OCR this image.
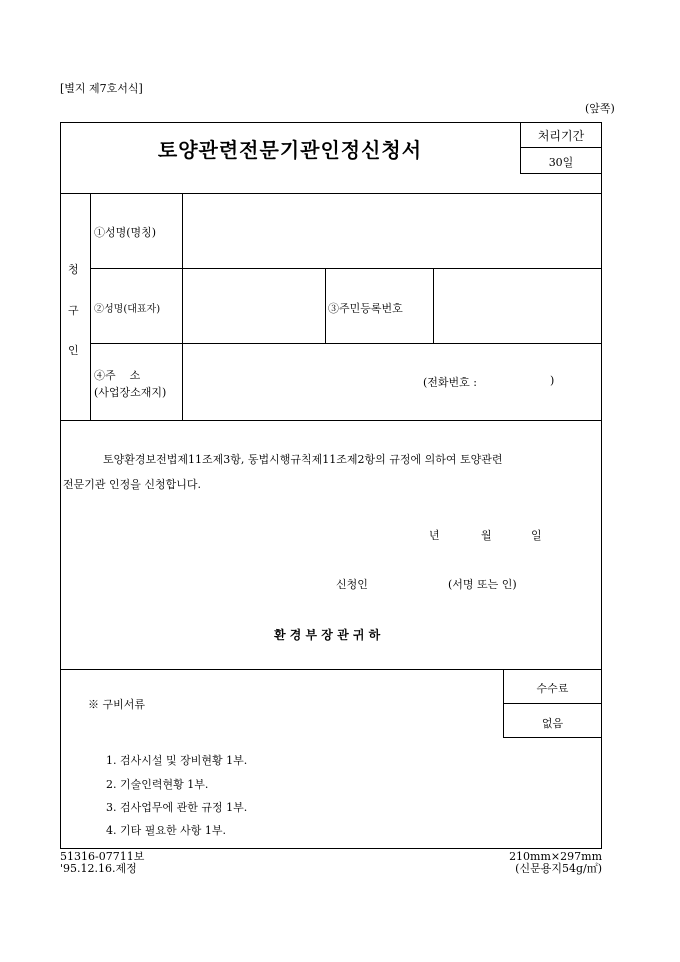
[별지 제7호서식]
(앞쪽)
토양관련전문기관인정신청서
처리기간
30일
청
구
인
①성명(명칭)
②성명(대표자)	③주민등록번호
④주    소
(사업장소재지)
(전화번호 :	)
토양환경보전법제11조제3항, 동법시행규칙제11조제2항의 규정에 의하여 토양관련
전문기관 인정을 신청합니다.
년	월	일
신청인	(서명 또는 인)
환 경 부 장 관 귀 하
※ 구비서류
수수료
없음
1. 검사시설 및 장비현황 1부.
2. 기술인력현황 1부.
3. 검사업무에 관한 규정 1부.
4. 기타 필요한 사항 1부.
51316-07711보
'95.12.16.제정
210mm×297mm
(신문용지54g/㎡)
